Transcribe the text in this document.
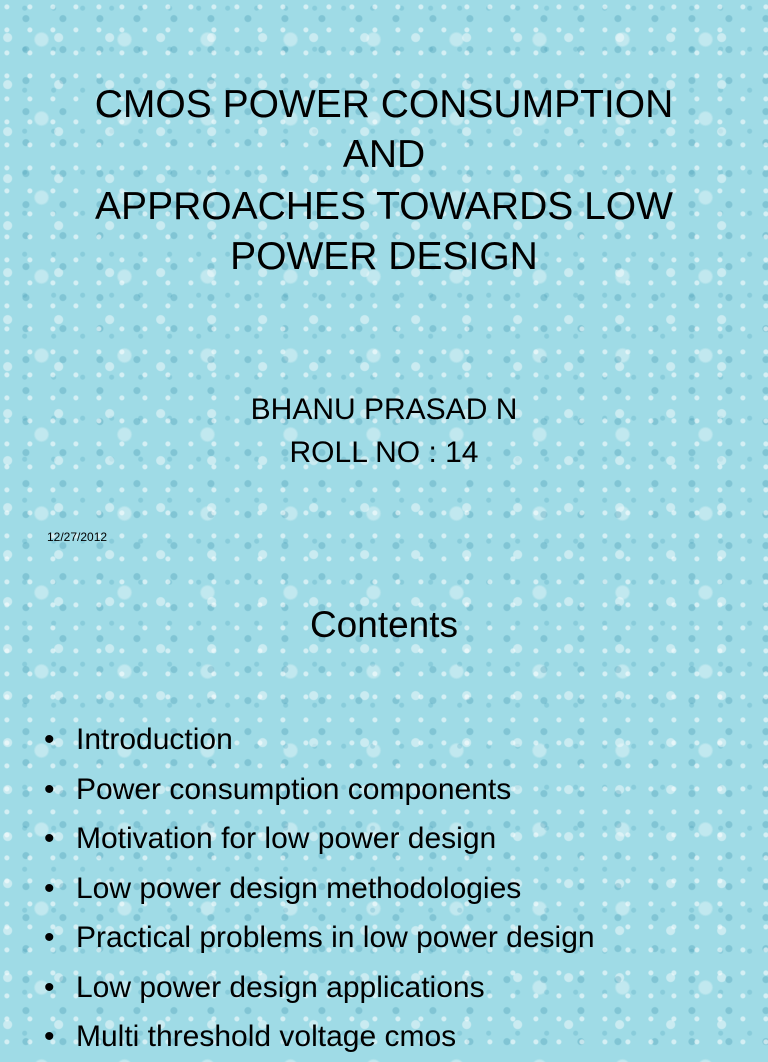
CMOS POWER CONSUMPTION
AND
APPROACHES TOWARDS LOW
POWER DESIGN
BHANU PRASAD N
ROLL NO : 14
12/27/2012
Contents
• Introduction
• Power consumption components
• Motivation for low power design
• Low power design methodologies
• Practical problems in low power design
• Low power design applications
• Multi threshold voltage cmos
